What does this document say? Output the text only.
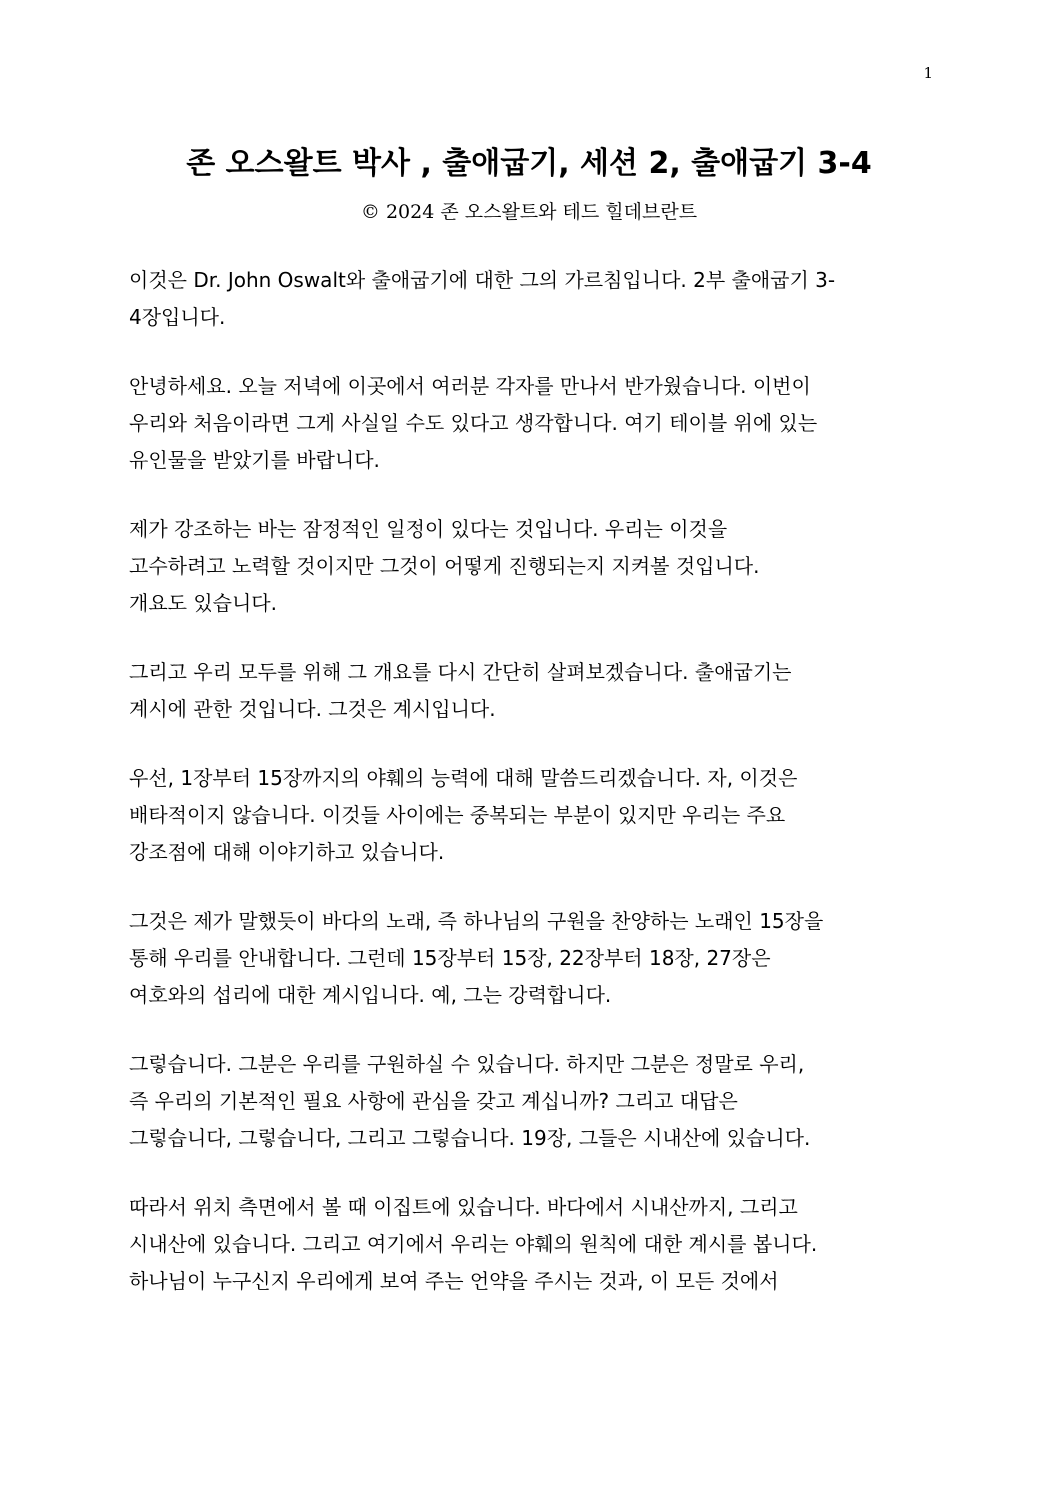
1
존 오스왈트 박사 , 출애굽기, 세션 2, 출애굽기 3-4
© 2024 존 오스왈트와 테드 힐데브란트

이것은 Dr. John Oswalt와 출애굽기에 대한 그의 가르침입니다. 2부 출애굽기 3-
4장입니다.

안녕하세요. 오늘 저녁에 이곳에서 여러분 각자를 만나서 반가웠습니다. 이번이
우리와 처음이라면 그게 사실일 수도 있다고 생각합니다. 여기 테이블 위에 있는
유인물을 받았기를 바랍니다.

제가 강조하는 바는 잠정적인 일정이 있다는 것입니다. 우리는 이것을
고수하려고 노력할 것이지만 그것이 어떻게 진행되는지 지켜볼 것입니다.
개요도 있습니다.

그리고 우리 모두를 위해 그 개요를 다시 간단히 살펴보겠습니다. 출애굽기는
계시에 관한 것입니다. 그것은 계시입니다.

우선, 1장부터 15장까지의 야훼의 능력에 대해 말씀드리겠습니다. 자, 이것은
배타적이지 않습니다. 이것들 사이에는 중복되는 부분이 있지만 우리는 주요
강조점에 대해 이야기하고 있습니다.

그것은 제가 말했듯이 바다의 노래, 즉 하나님의 구원을 찬양하는 노래인 15장을
통해 우리를 안내합니다. 그런데 15장부터 15장, 22장부터 18장, 27장은
여호와의 섭리에 대한 계시입니다. 예, 그는 강력합니다.

그렇습니다. 그분은 우리를 구원하실 수 있습니다. 하지만 그분은 정말로 우리,
즉 우리의 기본적인 필요 사항에 관심을 갖고 계십니까? 그리고 대답은
그렇습니다, 그렇습니다, 그리고 그렇습니다. 19장, 그들은 시내산에 있습니다.

따라서 위치 측면에서 볼 때 이집트에 있습니다. 바다에서 시내산까지, 그리고
시내산에 있습니다. 그리고 여기에서 우리는 야훼의 원칙에 대한 계시를 봅니다.
하나님이 누구신지 우리에게 보여 주는 언약을 주시는 것과, 이 모든 것에서
